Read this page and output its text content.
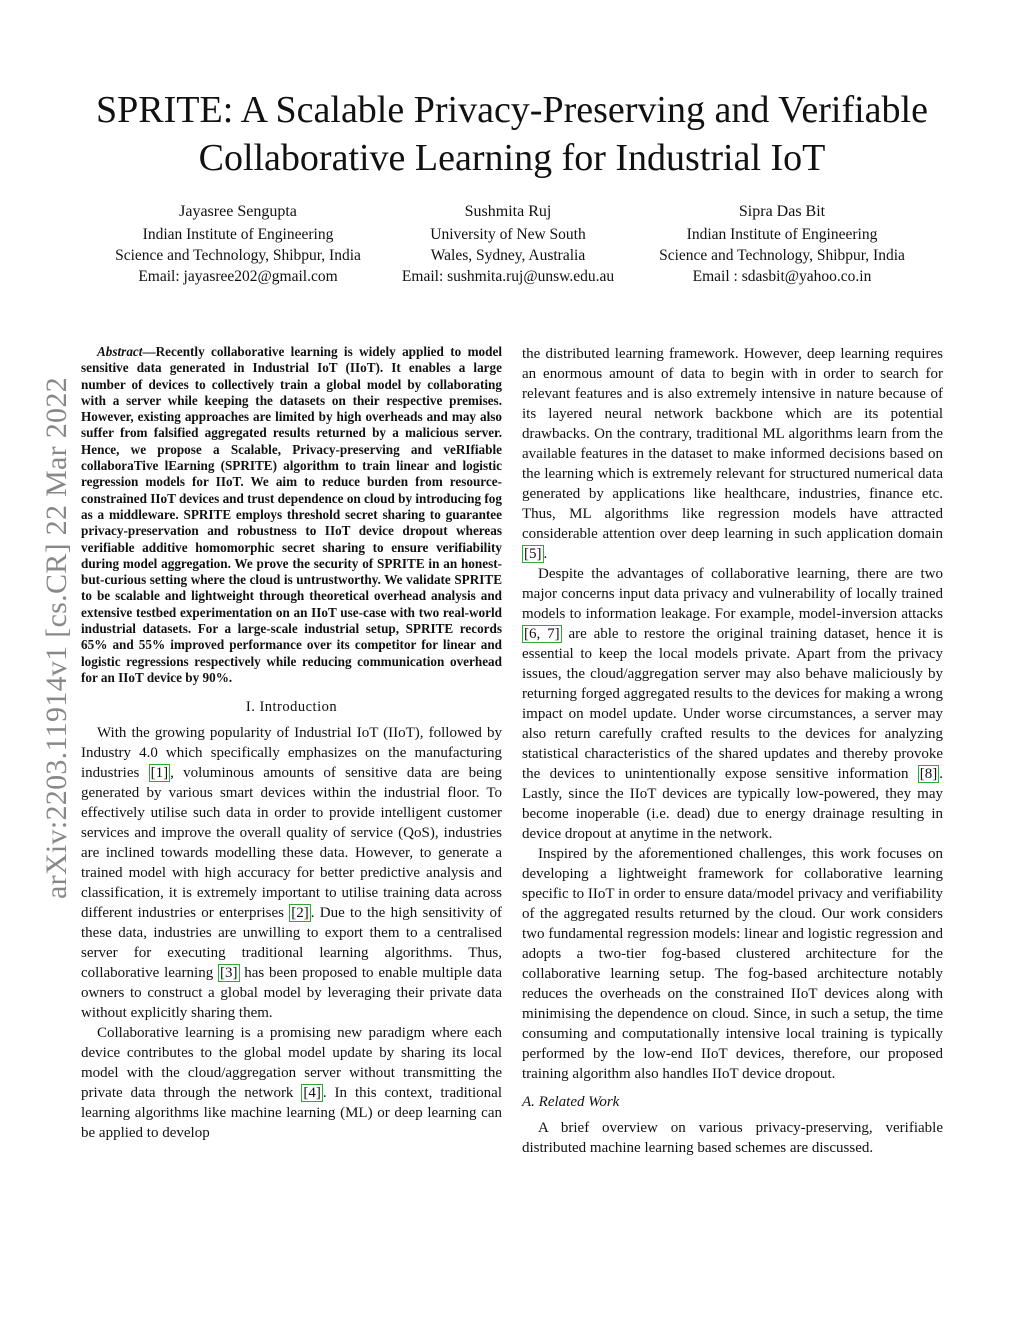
SPRITE: A Scalable Privacy-Preserving and Verifiable Collaborative Learning for Industrial IoT
Jayasree Sengupta
Indian Institute of Engineering
Science and Technology, Shibpur, India
Email: jayasree202@gmail.com
Sushmita Ruj
University of New South
Wales, Sydney, Australia
Email: sushmita.ruj@unsw.edu.au
Sipra Das Bit
Indian Institute of Engineering
Science and Technology, Shibpur, India
Email : sdasbit@yahoo.co.in
arXiv:2203.11914v1 [cs.CR] 22 Mar 2022

Abstract—Recently collaborative learning is widely applied to model sensitive data generated in Industrial IoT (IIoT). It enables a large number of devices to collectively train a global model by collaborating with a server while keeping the datasets on their respective premises. However, existing approaches are limited by high overheads and may also suffer from falsified aggregated results returned by a malicious server. Hence, we propose a Scalable, Privacy-preserving and veRIfiable collaboraTive lEarning (SPRITE) algorithm to train linear and logistic regression models for IIoT. We aim to reduce burden from resource-constrained IIoT devices and trust dependence on cloud by introducing fog as a middleware. SPRITE employs threshold secret sharing to guarantee privacy-preservation and robustness to IIoT device dropout whereas verifiable additive homomorphic secret sharing to ensure verifiability during model aggregation. We prove the security of SPRITE in an honest-but-curious setting where the cloud is untrustworthy. We validate SPRITE to be scalable and lightweight through theoretical overhead analysis and extensive testbed experimentation on an IIoT use-case with two real-world industrial datasets. For a large-scale industrial setup, SPRITE records 65% and 55% improved performance over its competitor for linear and logistic regressions respectively while reducing communication overhead for an IIoT device by 90%.

I. Introduction

With the growing popularity of Industrial IoT (IIoT), followed by Industry 4.0 which specifically emphasizes on the manufacturing industries [1] , voluminous amounts of sensitive data are being generated by various smart devices within the industrial floor. To effectively utilise such data in order to provide intelligent customer services and improve the overall quality of service (QoS), industries are inclined towards modelling these data. However, to generate a trained model with high accuracy for better predictive analysis and classification, it is extremely important to utilise training data across different industries or enterprises [2] . Due to the high sensitivity of these data, industries are unwilling to export them to a centralised server for executing traditional learning algorithms. Thus, collaborative learning [3] has been proposed to enable multiple data owners to construct a global model by leveraging their private data without explicitly sharing them.

Collaborative learning is a promising new paradigm where each device contributes to the global model update by sharing its local model with the cloud/aggregation server without transmitting the private data through the network [4] . In this context, traditional learning algorithms like machine learning (ML) or deep learning can be applied to develop

the distributed learning framework. However, deep learning requires an enormous amount of data to begin with in order to search for relevant features and is also extremely intensive in nature because of its layered neural network backbone which are its potential drawbacks. On the contrary, traditional ML algorithms learn from the available features in the dataset to make informed decisions based on the learning which is extremely relevant for structured numerical data generated by applications like healthcare, industries, finance etc. Thus, ML algorithms like regression models have attracted considerable attention over deep learning in such application domain [5] .

Despite the advantages of collaborative learning, there are two major concerns input data privacy and vulnerability of locally trained models to information leakage. For example, model-inversion attacks [6, 7] are able to restore the original training dataset, hence it is essential to keep the local models private. Apart from the privacy issues, the cloud/aggregation server may also behave maliciously by returning forged aggregated results to the devices for making a wrong impact on model update. Under worse circumstances, a server may also return carefully crafted results to the devices for analyzing statistical characteristics of the shared updates and thereby provoke the devices to unintentionally expose sensitive information [8] . Lastly, since the IIoT devices are typically low-powered, they may become inoperable (i.e. dead) due to energy drainage resulting in device dropout at anytime in the network.

Inspired by the aforementioned challenges, this work focuses on developing a lightweight framework for collaborative learning specific to IIoT in order to ensure data/model privacy and verifiability of the aggregated results returned by the cloud. Our work considers two fundamental regression models: linear and logistic regression and adopts a two-tier fog-based clustered architecture for the collaborative learning setup. The fog-based architecture notably reduces the overheads on the constrained IIoT devices along with minimising the dependence on cloud. Since, in such a setup, the time consuming and computationally intensive local training is typically performed by the low-end IIoT devices, therefore, our proposed training algorithm also handles IIoT device dropout.

A. Related Work

A brief overview on various privacy-preserving, verifiable distributed machine learning based schemes are discussed.
